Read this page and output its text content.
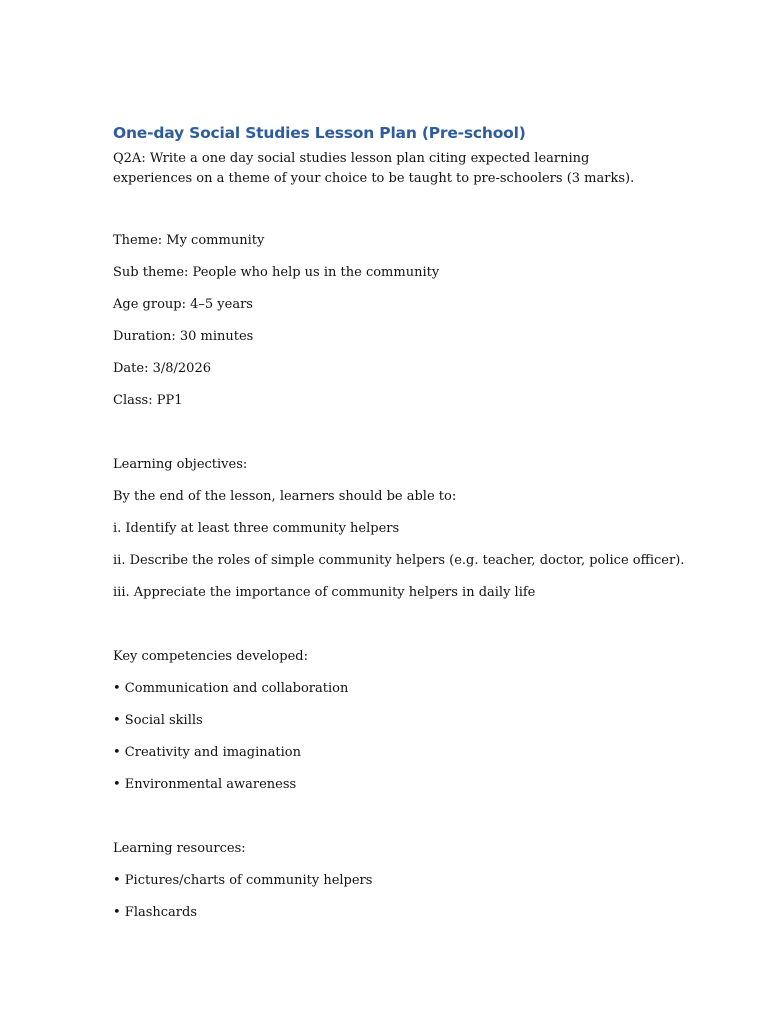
One-day Social Studies Lesson Plan (Pre-school)

Q2A: Write a one day social studies lesson plan citing expected learning experiences on a theme of your choice to be taught to pre-schoolers (3 marks).

Theme: My community

Sub theme: People who help us in the community

Age group: 4–5 years

Duration: 30 minutes

Date: 3/8/2026

Class: PP1

Learning objectives:

By the end of the lesson, learners should be able to:

i. Identify at least three community helpers

ii. Describe the roles of simple community helpers (e.g. teacher, doctor, police officer).

iii. Appreciate the importance of community helpers in daily life

Key competencies developed:

• Communication and collaboration

• Social skills

• Creativity and imagination

• Environmental awareness

Learning resources:

• Pictures/charts of community helpers

• Flashcards
